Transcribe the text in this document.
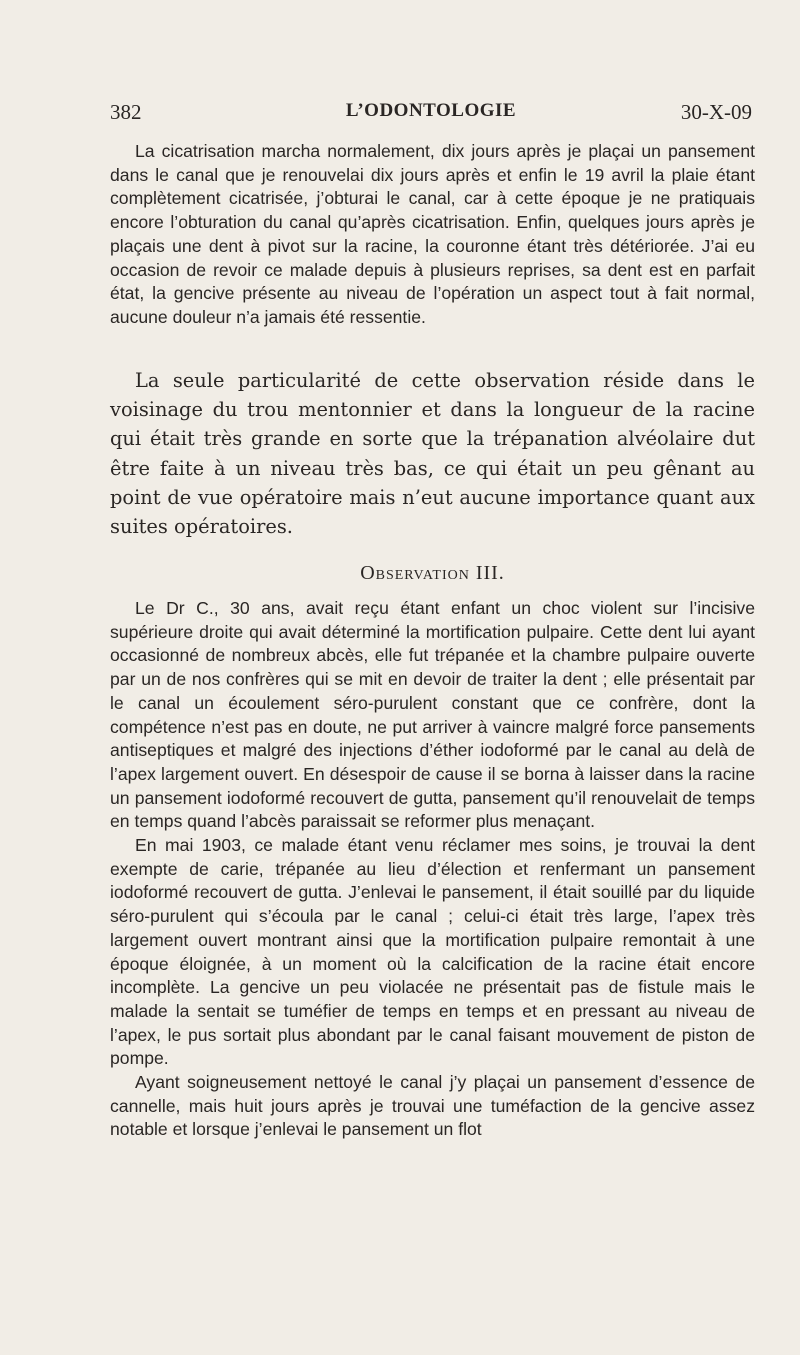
382	L’ODONTOLOGIE	30-X-09

La cicatrisation marcha normalement, dix jours après je plaçai un pansement dans le canal que je renouvelai dix jours après et enfin le 19 avril la plaie étant complètement cicatrisée, j’obturai le canal, car à cette époque je ne pratiquais encore l’obturation du canal qu’après cicatrisation. Enfin, quelques jours après je plaçais une dent à pivot sur la racine, la couronne étant très détériorée. J’ai eu occasion de revoir ce malade depuis à plusieurs reprises, sa dent est en parfait état, la gencive présente au niveau de l’opération un aspect tout à fait normal, aucune douleur n’a jamais été ressentie.

La seule particularité de cette observation réside dans le voisinage du trou mentonnier et dans la longueur de la racine qui était très grande en sorte que la trépanation alvéolaire dut être faite à un niveau très bas, ce qui était un peu gênant au point de vue opératoire mais n’eut aucune importance quant aux suites opératoires.

Observation III.

Le Dr C., 30 ans, avait reçu étant enfant un choc violent sur l’incisive supérieure droite qui avait déterminé la mortification pulpaire. Cette dent lui ayant occasionné de nombreux abcès, elle fut trépanée et la chambre pulpaire ouverte par un de nos confrères qui se mit en devoir de traiter la dent ; elle présentait par le canal un écoulement séro-purulent constant que ce confrère, dont la compétence n’est pas en doute, ne put arriver à vaincre malgré force pansements antiseptiques et malgré des injections d’éther iodoformé par le canal au delà de l’apex largement ouvert. En désespoir de cause il se borna à laisser dans la racine un pansement iodoformé recouvert de gutta, pansement qu’il renouvelait de temps en temps quand l’abcès paraissait se reformer plus menaçant.

En mai 1903, ce malade étant venu réclamer mes soins, je trouvai la dent exempte de carie, trépanée au lieu d’élection et renfermant un pansement iodoformé recouvert de gutta. J’enlevai le pansement, il était souillé par du liquide séro-purulent qui s’écoula par le canal ; celui-ci était très large, l’apex très largement ouvert montrant ainsi que la mortification pulpaire remontait à une époque éloignée, à un moment où la calcification de la racine était encore incomplète. La gencive un peu violacée ne présentait pas de fistule mais le malade la sentait se tuméfier de temps en temps et en pressant au niveau de l’apex, le pus sortait plus abondant par le canal faisant mouvement de piston de pompe.

Ayant soigneusement nettoyé le canal j’y plaçai un pansement d’essence de cannelle, mais huit jours après je trouvai une tuméfaction de la gencive assez notable et lorsque j’enlevai le pansement un flot
